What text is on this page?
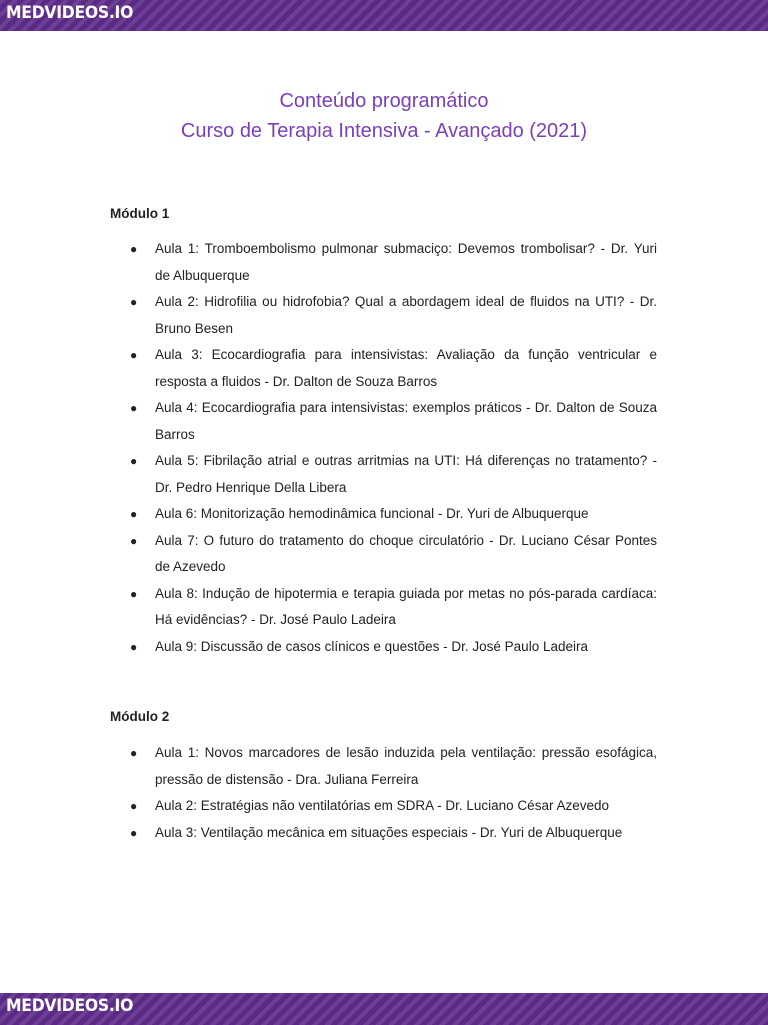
MEDVIDEOS.IO
Conteúdo programático
Curso de Terapia Intensiva - Avançado (2021)
Módulo 1
● Aula 1: Tromboembolismo pulmonar submaciço: Devemos trombolisar? - Dr. Yuri de Albuquerque
● Aula 2: Hidrofilia ou hidrofobia? Qual a abordagem ideal de fluidos na UTI? - Dr. Bruno Besen
● Aula 3: Ecocardiografia para intensivistas: Avaliação da função ventricular e resposta a fluidos - Dr. Dalton de Souza Barros
● Aula 4: Ecocardiografia para intensivistas: exemplos práticos - Dr. Dalton de Souza Barros
● Aula 5: Fibrilação atrial e outras arritmias na UTI: Há diferenças no tratamento? - Dr. Pedro Henrique Della Libera
● Aula 6: Monitorização hemodinâmica funcional - Dr. Yuri de Albuquerque
● Aula 7: O futuro do tratamento do choque circulatório - Dr. Luciano César Pontes de Azevedo
● Aula 8: Indução de hipotermia e terapia guiada por metas no pós-parada cardíaca: Há evidências? - Dr. José Paulo Ladeira
● Aula 9: Discussão de casos clínicos e questões - Dr. José Paulo Ladeira
Módulo 2
● Aula 1: Novos marcadores de lesão induzida pela ventilação: pressão esofágica, pressão de distensão - Dra. Juliana Ferreira
● Aula 2: Estratégias não ventilatórias em SDRA - Dr. Luciano César Azevedo
● Aula 3: Ventilação mecânica em situações especiais - Dr. Yuri de Albuquerque
MEDVIDEOS.IO
